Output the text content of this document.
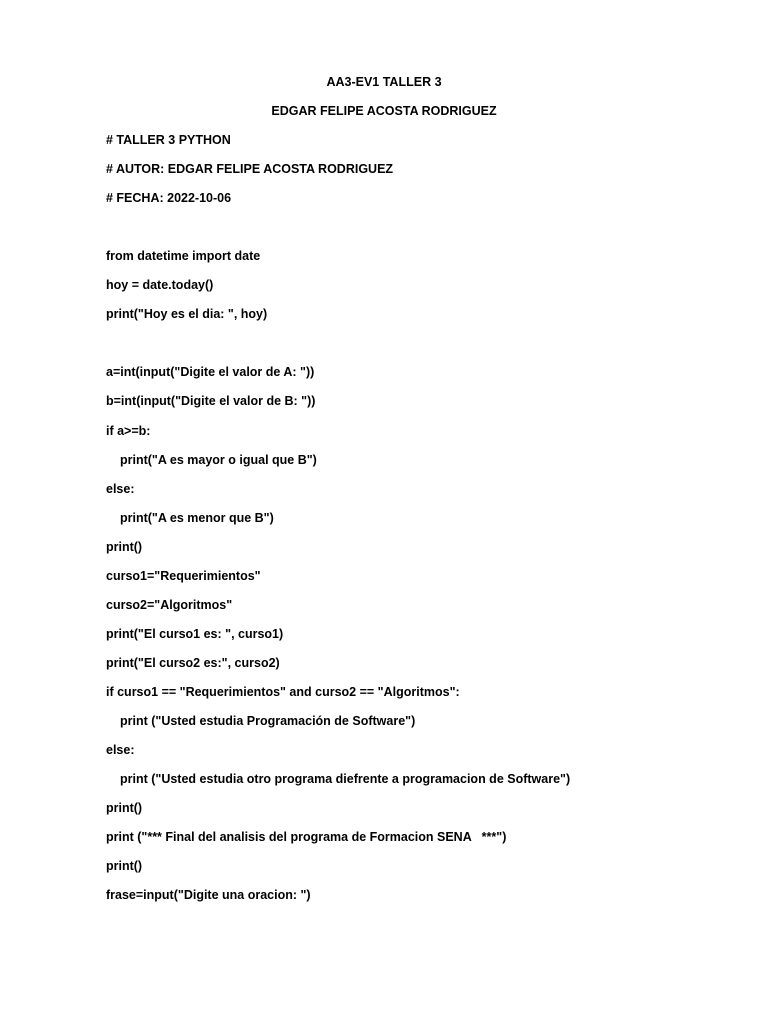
AA3-EV1 TALLER 3
EDGAR FELIPE ACOSTA RODRIGUEZ
# TALLER 3 PYTHON
# AUTOR: EDGAR FELIPE ACOSTA RODRIGUEZ
# FECHA: 2022-10-06
from datetime import date
hoy = date.today()
print("Hoy es el dia: ", hoy)
a=int(input("Digite el valor de A: "))
b=int(input("Digite el valor de B: "))
if a>=b:
print("A es mayor o igual que B")
else:
print("A es menor que B")
print()
curso1="Requerimientos"
curso2="Algoritmos"
print("El curso1 es: ", curso1)
print("El curso2 es:", curso2)
if curso1 == "Requerimientos" and curso2 == "Algoritmos":
print ("Usted estudia Programación de Software")
else:
print ("Usted estudia otro programa diefrente a programacion de Software")
print()
print ("*** Final del analisis del programa de Formacion SENA   ***")
print()
frase=input("Digite una oracion: ")
